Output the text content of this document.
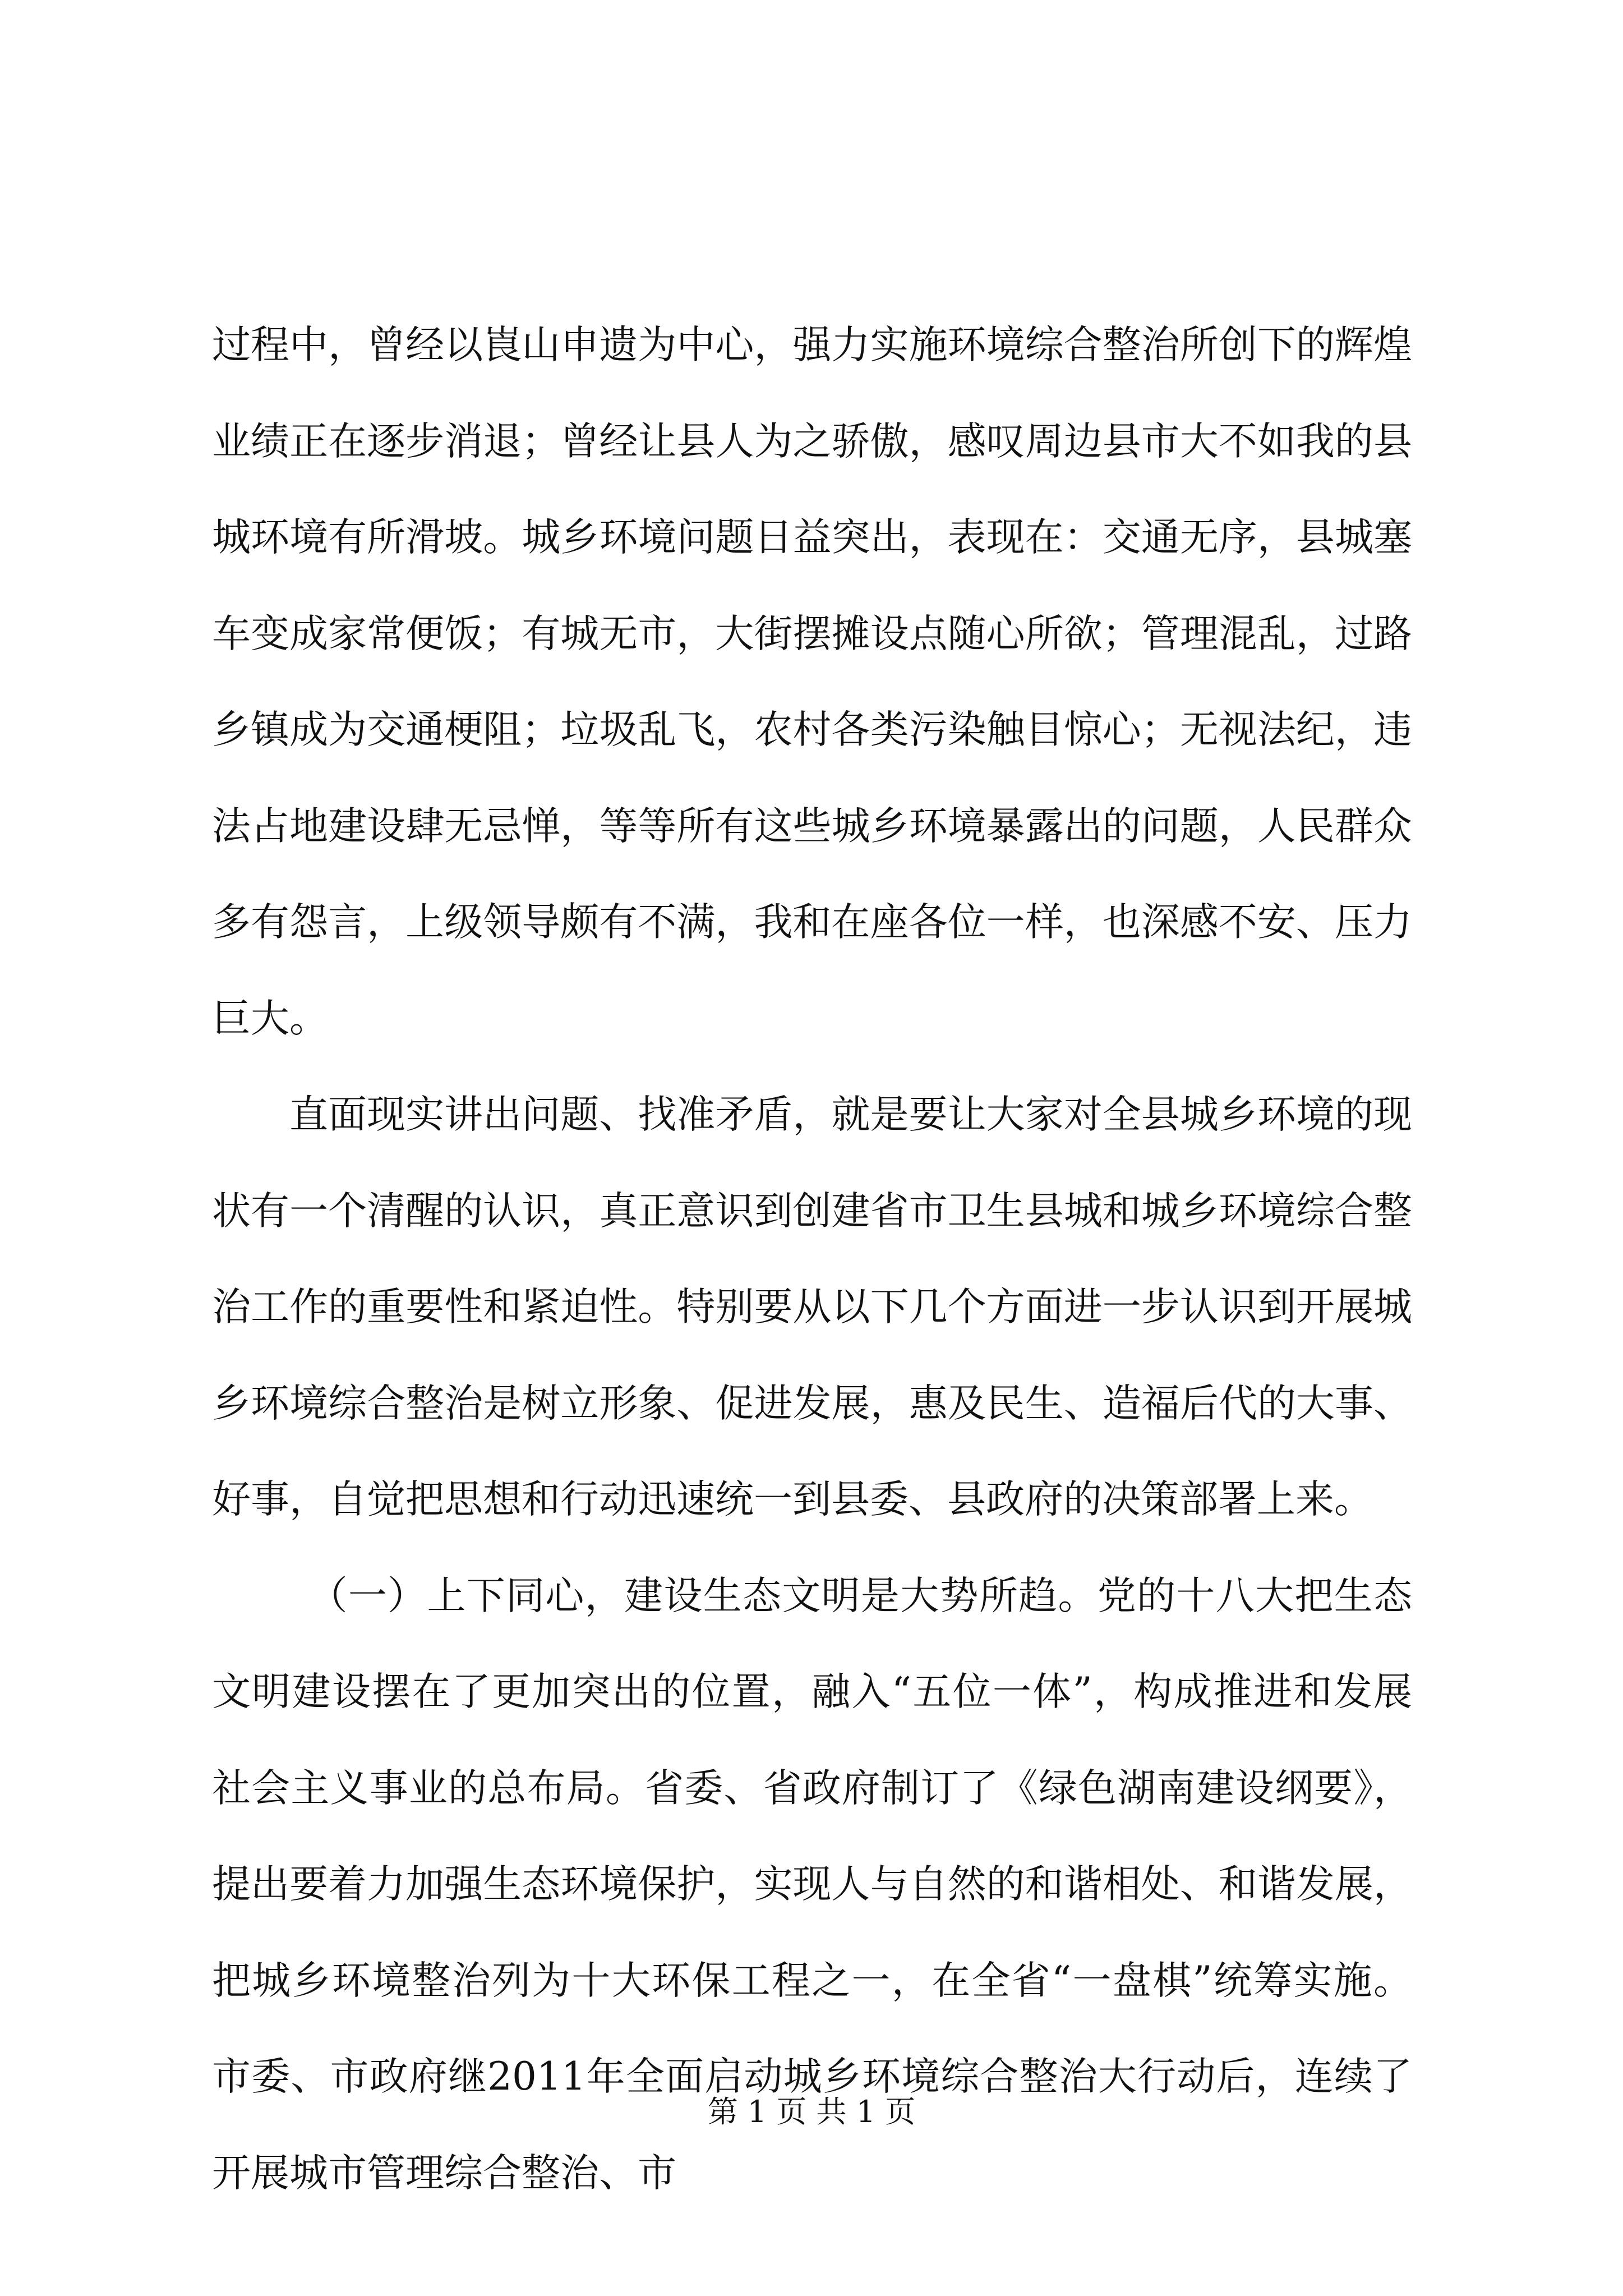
过程中，曾经以崀山申遗为中心，强力实施环境综合整治所创下的辉煌业绩正在逐步消退；曾经让县人为之骄傲，感叹周边县市大不如我的县城环境有所滑坡。城乡环境问题日益突出，表现在：交通无序，县城塞车变成家常便饭；有城无市，大街摆摊设点随心所欲；管理混乱，过路乡镇成为交通梗阻；垃圾乱飞，农村各类污染触目惊心；无视法纪，违法占地建设肆无忌惮，等等所有这些城乡环境暴露出的问题，人民群众多有怨言，上级领导颇有不满，我和在座各位一样，也深感不安、压力巨大。

直面现实讲出问题、找准矛盾，就是要让大家对全县城乡环境的现状有一个清醒的认识，真正意识到创建省市卫生县城和城乡环境综合整治工作的重要性和紧迫性。特别要从以下几个方面进一步认识到开展城乡环境综合整治是树立形象、促进发展，惠及民生、造福后代的大事、好事，自觉把思想和行动迅速统一到县委、县政府的决策部署上来。

（一）上下同心，建设生态文明是大势所趋。党的十八大把生态文明建设摆在了更加突出的位置，融入“五位一体”，构成推进和发展社会主义事业的总布局。省委、省政府制订了《绿色湖南建设纲要》，提出要着力加强生态环境保护，实现人与自然的和谐相处、和谐发展，把城乡环境整治列为十大环保工程之一，在全省“一盘棋”统筹实施。市委、市政府继2011年全面启动城乡环境综合整治大行动后，连续了开展城市管理综合整治、市

第 1 页 共 1 页
